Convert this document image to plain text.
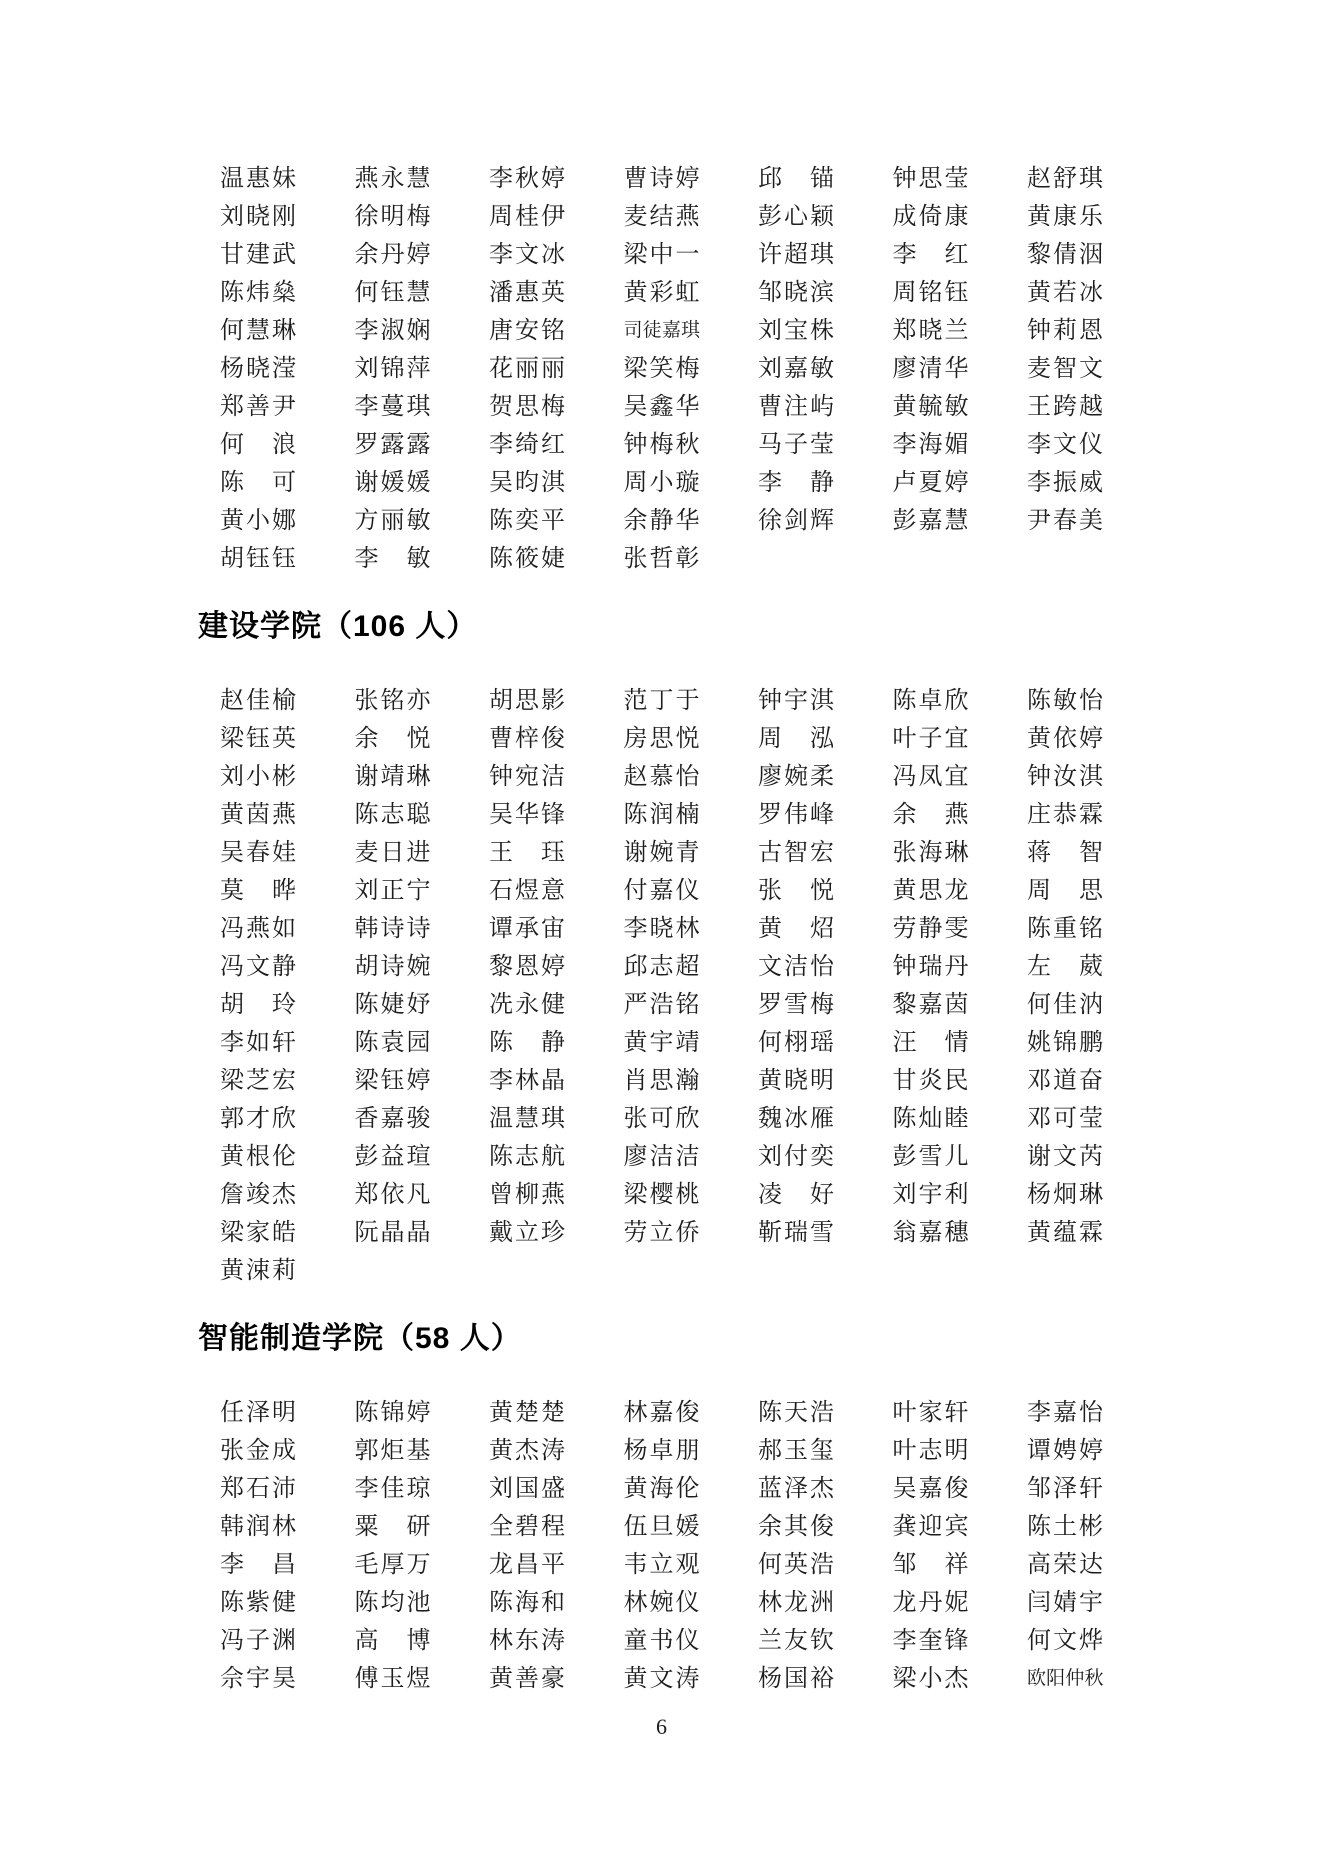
温惠妹 燕永慧 李秋婷 曹诗婷 邱锚 钟思莹 赵舒琪
刘晓刚 徐明梅 周桂伊 麦结燕 彭心颖 成倚康 黄康乐
甘建武 余丹婷 李文冰 梁中一 许超琪 李红 黎倩洇
陈炜燊 何钰慧 潘惠英 黄彩虹 邹晓滨 周铭钰 黄若冰
何慧琳 李淑娴 唐安铭	司徒嘉琪 刘宝株 郑晓兰 钟莉恩
杨晓滢 刘锦萍 花丽丽 梁笑梅 刘嘉敏 廖清华 麦智文
郑善尹 李蔓琪 贺思梅 吴鑫华 曹注屿 黄毓敏 王跨越
何浪 罗露露 李绮红 钟梅秋 马子莹 李海媚 李文仪
陈可 谢媛媛 吴昀淇 周小璇 李静 卢夏婷 李振威
黄小娜 方丽敏 陈奕平 余静华 徐剑辉 彭嘉慧 尹春美
胡钰钰 李敏 陈筱婕 张哲彰
建设学院（106 人）
赵佳榆 张铭亦 胡思影 范丁于 钟宇淇 陈卓欣 陈敏怡
梁钰英 余悦 曹梓俊 房思悦 周泓 叶子宜 黄依婷
刘小彬 谢靖琳 钟宛洁 赵慕怡 廖婉柔 冯凤宜 钟汝淇
黄茵燕 陈志聪 吴华锋 陈润楠 罗伟峰 余燕 庄恭霖
吴春娃 麦日进 王珏 谢婉青 古智宏 张海琳 蒋智
莫晔 刘正宁 石煜意 付嘉仪 张悦 黄思龙 周思
冯燕如 韩诗诗 谭承宙 李晓林 黄炤 劳静雯 陈重铭
冯文静 胡诗婉 黎恩婷 邱志超 文洁怡 钟瑞丹 左葳
胡玲 陈婕妤 冼永健 严浩铭 罗雪梅 黎嘉茵 何佳汭
李如轩 陈袁园 陈静 黄宇靖 何栩瑶 汪情 姚锦鹏
梁芝宏 梁钰婷 李林晶 肖思瀚 黄晓明 甘炎民 邓道奋
郭才欣 香嘉骏 温慧琪 张可欣 魏冰雁 陈灿睦 邓可莹
黄根伦 彭益瑄 陈志航 廖洁洁 刘付奕 彭雪儿 谢文芮
詹竣杰 郑依凡 曾柳燕 梁樱桃 凌好 刘宇利 杨炯琳
梁家皓 阮晶晶 戴立珍 劳立侨 靳瑞雪 翁嘉穗 黄蕴霖
黄涑莉
智能制造学院（58 人）
任泽明 陈锦婷 黄楚楚 林嘉俊 陈天浩 叶家轩 李嘉怡
张金成 郭炬基 黄杰涛 杨卓朋 郝玉玺 叶志明 谭娉婷
郑石沛 李佳琼 刘国盛 黄海伦 蓝泽杰 吴嘉俊 邹泽轩
韩润林 粟研 全碧程 伍旦媛 余其俊 龚迎宾 陈土彬
李昌 毛厚万 龙昌平 韦立观 何英浩 邹祥 高荣达
陈紫健 陈均池 陈海和 林婉仪 林龙洲 龙丹妮 闫婧宇
冯子渊 高博 林东涛 童书仪 兰友钦 李奎锋 何文烨
佘宇昊 傅玉煜 黄善豪 黄文涛 杨国裕 梁小杰	欧阳仲秋
6
